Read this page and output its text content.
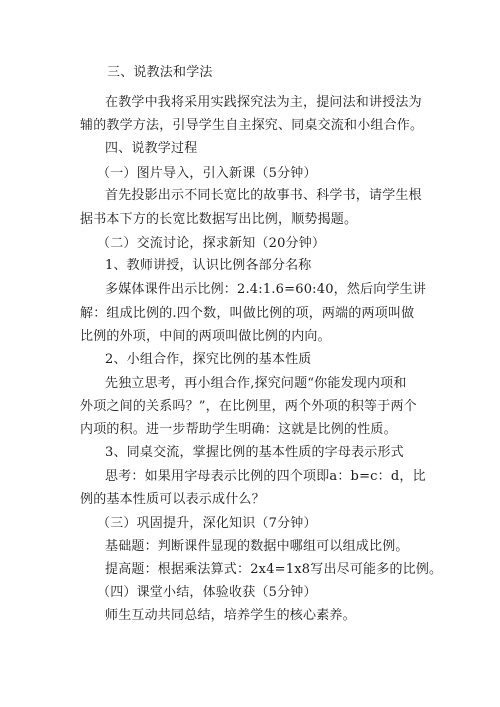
三、说教法和学法
在教学中我将采用实践探究法为主，提问法和讲授法为
辅的教学方法，引导学生自主探究、同桌交流和小组合作。
四、说教学过程
（一）图片导入，引入新课（5分钟）
首先投影出示不同长宽比的故事书、科学书，请学生根
据书本下方的长宽比数据写出比例，顺势揭题。
（二）交流讨论，探求新知（20分钟）
1、教师讲授，认识比例各部分名称
多媒体课件出示比例：2.4:1.6=60:40，然后向学生讲
解：组成比例的.四个数，叫做比例的项，两端的两项叫做
比例的外项，中间的两项叫做比例的内向。
2、小组合作，探究比例的基本性质
先独立思考，再小组合作,探究问题“你能发现内项和
外项之间的关系吗？”，在比例里，两个外项的积等于两个
内项的积。进一步帮助学生明确：这就是比例的性质。
3、同桌交流，掌握比例的基本性质的字母表示形式
思考：如果用字母表示比例的四个项即a：b=c：d，比
例的基本性质可以表示成什么？
（三）巩固提升，深化知识（7分钟）
基础题：判断课件显现的数据中哪组可以组成比例。
提高题：根据乘法算式：2x4=1x8写出尽可能多的比例。
（四）课堂小结，体验收获（5分钟）
师生互动共同总结，培养学生的核心素养。
